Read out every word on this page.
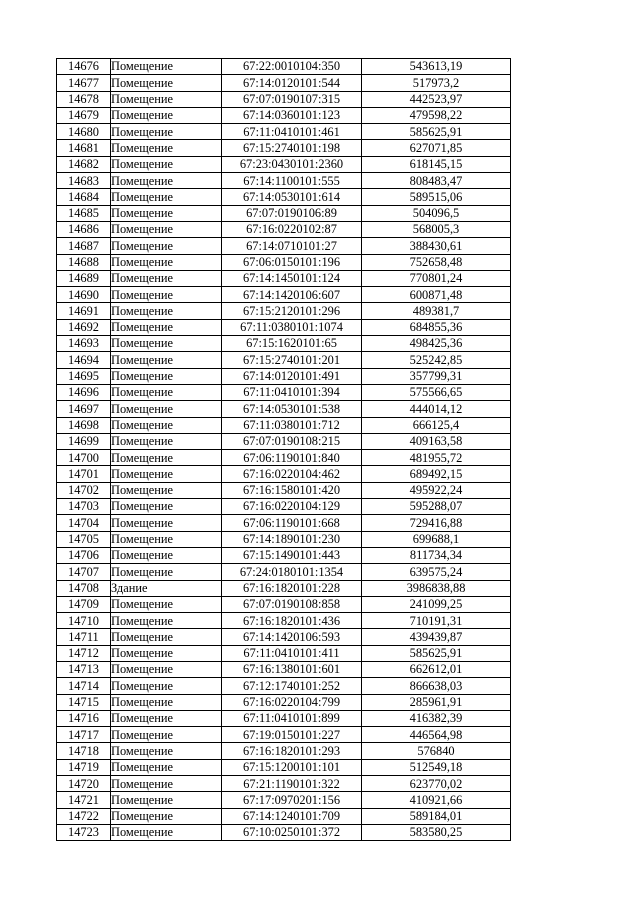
14676	Помещение	67:22:0010104:350	543613,19
14677	Помещение	67:14:0120101:544	517973,2
14678	Помещение	67:07:0190107:315	442523,97
14679	Помещение	67:14:0360101:123	479598,22
14680	Помещение	67:11:0410101:461	585625,91
14681	Помещение	67:15:2740101:198	627071,85
14682	Помещение	67:23:0430101:2360	618145,15
14683	Помещение	67:14:1100101:555	808483,47
14684	Помещение	67:14:0530101:614	589515,06
14685	Помещение	67:07:0190106:89	504096,5
14686	Помещение	67:16:0220102:87	568005,3
14687	Помещение	67:14:0710101:27	388430,61
14688	Помещение	67:06:0150101:196	752658,48
14689	Помещение	67:14:1450101:124	770801,24
14690	Помещение	67:14:1420106:607	600871,48
14691	Помещение	67:15:2120101:296	489381,7
14692	Помещение	67:11:0380101:1074	684855,36
14693	Помещение	67:15:1620101:65	498425,36
14694	Помещение	67:15:2740101:201	525242,85
14695	Помещение	67:14:0120101:491	357799,31
14696	Помещение	67:11:0410101:394	575566,65
14697	Помещение	67:14:0530101:538	444014,12
14698	Помещение	67:11:0380101:712	666125,4
14699	Помещение	67:07:0190108:215	409163,58
14700	Помещение	67:06:1190101:840	481955,72
14701	Помещение	67:16:0220104:462	689492,15
14702	Помещение	67:16:1580101:420	495922,24
14703	Помещение	67:16:0220104:129	595288,07
14704	Помещение	67:06:1190101:668	729416,88
14705	Помещение	67:14:1890101:230	699688,1
14706	Помещение	67:15:1490101:443	811734,34
14707	Помещение	67:24:0180101:1354	639575,24
14708	Здание	67:16:1820101:228	3986838,88
14709	Помещение	67:07:0190108:858	241099,25
14710	Помещение	67:16:1820101:436	710191,31
14711	Помещение	67:14:1420106:593	439439,87
14712	Помещение	67:11:0410101:411	585625,91
14713	Помещение	67:16:1380101:601	662612,01
14714	Помещение	67:12:1740101:252	866638,03
14715	Помещение	67:16:0220104:799	285961,91
14716	Помещение	67:11:0410101:899	416382,39
14717	Помещение	67:19:0150101:227	446564,98
14718	Помещение	67:16:1820101:293	576840
14719	Помещение	67:15:1200101:101	512549,18
14720	Помещение	67:21:1190101:322	623770,02
14721	Помещение	67:17:0970201:156	410921,66
14722	Помещение	67:14:1240101:709	589184,01
14723	Помещение	67:10:0250101:372	583580,25
